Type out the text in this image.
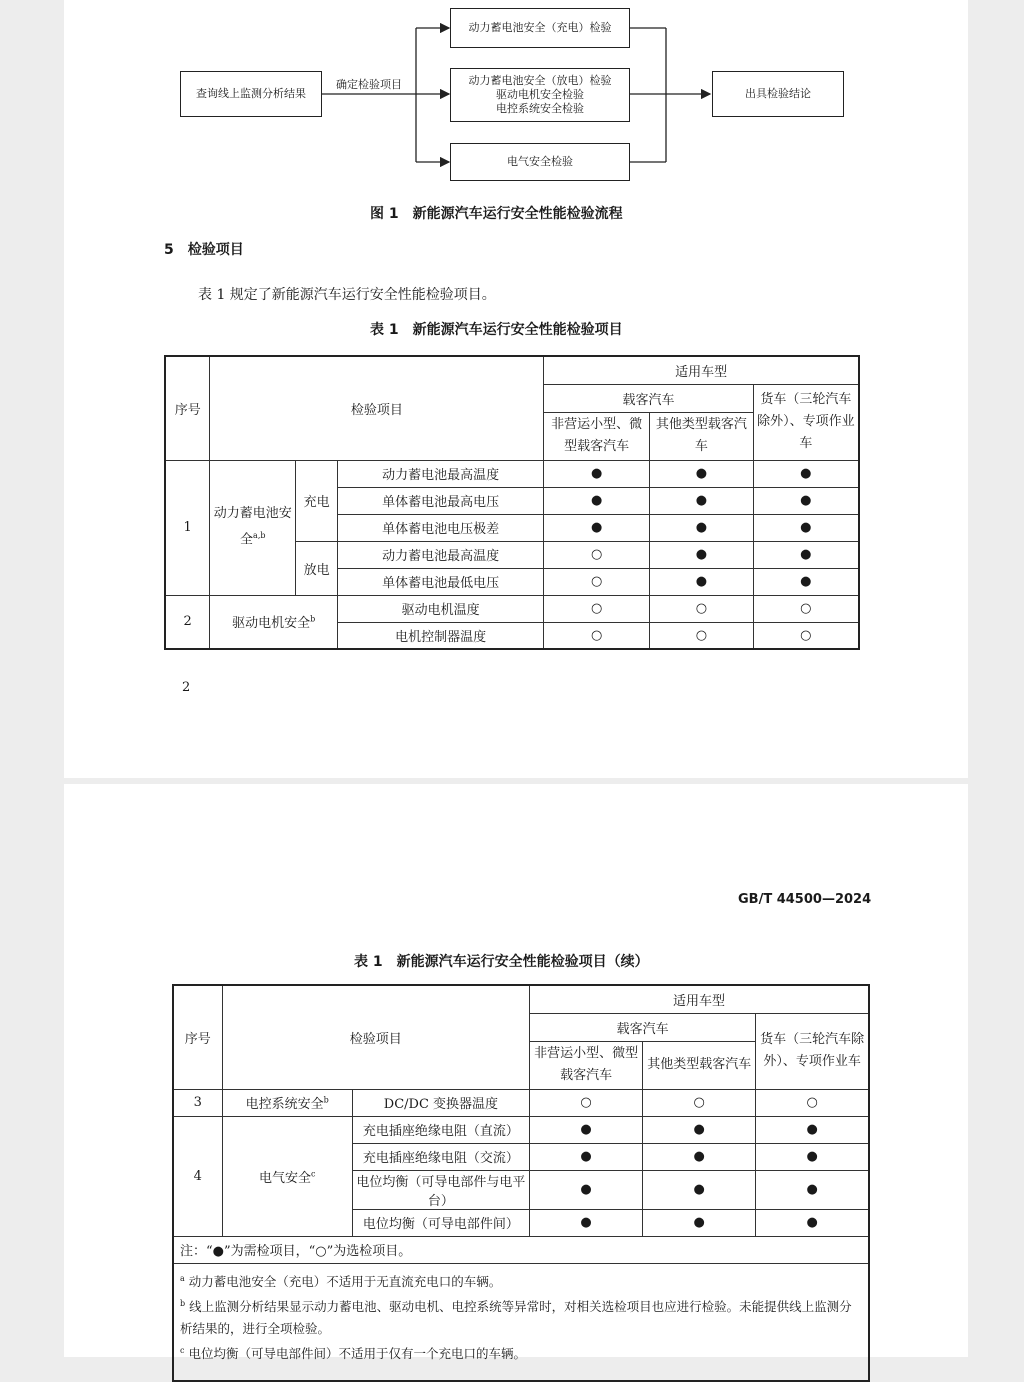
查询线上监测分析结果
确定检验项目
动力蓄电池安全（充电）检验
动力蓄电池安全（放电）检验
驱动电机安全检验
电控系统安全检验
电气安全检验
出具检验结论
图 1　新能源汽车运行安全性能检验流程
5　检验项目
表 1 规定了新能源汽车运行安全性能检验项目。
表 1　新能源汽车运行安全性能检验项目
序号	检验项目			适用车型		
				载客汽车		货车（三轮汽车除外）、专项作业车
				非营运小型、微型载客汽车	其他类型载客汽车	
1	动力蓄电池安全$^{a,b}$	充电	动力蓄电池最高温度	●	●	●
			单体蓄电池最高电压	●	●	●
			单体蓄电池电压极差	●	●	●
		放电	动力蓄电池最高温度	○	●	●
			单体蓄电池最低电压	○	●	●
2	驱动电机安全$^b$		驱动电机温度	○	○	○
			电机控制器温度	○	○	○
2
GB/T 44500—2024
表 1　新能源汽车运行安全性能检验项目（续）
序号	检验项目		适用车型		
			载客汽车		货车（三轮汽车除外）、专项作业车
			非营运小型、微型载客汽车	其他类型载客汽车	
3	电控系统安全$^b$	DC/DC 变换器温度	○	○	○
4	电气安全$^c$	充电插座绝缘电阻（直流）	●	●	●
		充电插座绝缘电阻（交流）	●	●	●
		电位均衡（可导电部件与电平台）	●	●	●
		电位均衡（可导电部件间）	●	●	●
注：“●”为需检项目，“○”为选检项目。					

$^a$ 动力蓄电池安全（充电）不适用于无直流充电口的车辆。
$^b$ 线上监测分析结果显示动力蓄电池、驱动电机、电控系统等异常时，对相关选检项目也应进行检验。未能提供线上监测分析结果的，进行全项检验。
$^c$ 电位均衡（可导电部件间）不适用于仅有一个充电口的车辆。					
